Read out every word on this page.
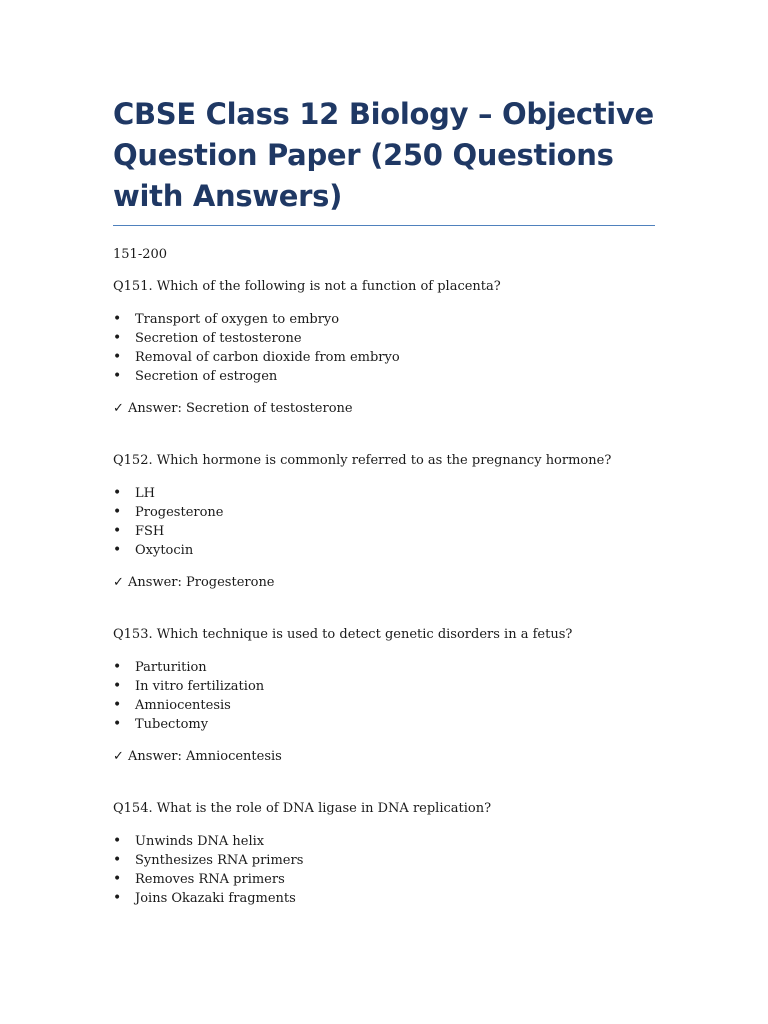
CBSE Class 12 Biology – Objective Question Paper (250 Questions with Answers)

151-200

Q151. Which of the following is not a function of placenta?

• Transport of oxygen to embryo
• Secretion of testosterone
• Removal of carbon dioxide from embryo
• Secretion of estrogen

✓ Answer: Secretion of testosterone

Q152. Which hormone is commonly referred to as the pregnancy hormone?

• LH
• Progesterone
• FSH
• Oxytocin

✓ Answer: Progesterone

Q153. Which technique is used to detect genetic disorders in a fetus?

• Parturition
• In vitro fertilization
• Amniocentesis
• Tubectomy

✓ Answer: Amniocentesis

Q154. What is the role of DNA ligase in DNA replication?

• Unwinds DNA helix
• Synthesizes RNA primers
• Removes RNA primers
• Joins Okazaki fragments
